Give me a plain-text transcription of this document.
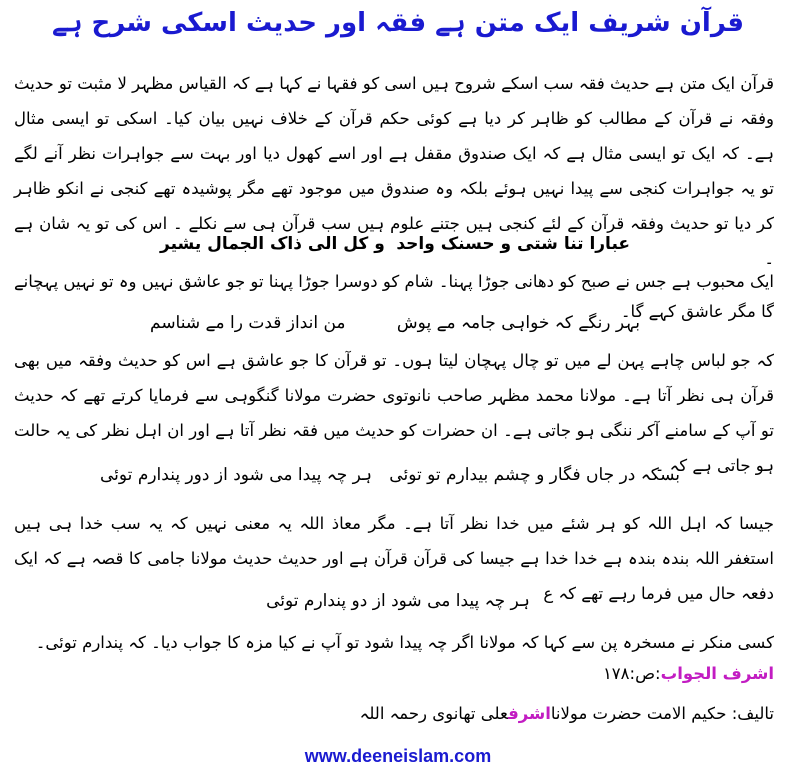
قرآن شریف ایک متن ہے فقہ اور حدیث اسکی شرح ہے
قرآن ایک متن ہے حدیث فقہ سب اسکے شروح ہیں اسی کو فقہا نے کہا ہے کہ القیاس مظہر لا مثبت تو حدیث وفقہ نے قرآن کے مطالب کو ظاہر کر دیا ہے کوئی حکم قرآن کے خلاف نہیں بیان کیا۔ اسکی تو ایسی مثال ہے۔ کہ ایک تو ایسی مثال ہے کہ ایک صندوق مقفل ہے اور اسے کھول دیا اور بہت سے جواہرات نظر آنے لگے تو یہ جواہرات کنجی سے پیدا نہیں ہوئے بلکہ وہ صندوق میں موجود تھے مگر پوشیدہ تھے کنجی نے انکو ظاہر کر دیا تو حدیث وفقہ قرآن کے لئے کنجی ہیں جتنے علوم ہیں سب قرآن ہی سے نکلے ۔ اس کی تو یہ شان ہے ۔
عبارا تنا شتی و حسنک واحد
و کل الی ذاک الجمال یشیر
ایک محبوب ہے جس نے صبح کو دھانی جوڑا پہنا۔ شام کو دوسرا جوڑا پہنا تو جو عاشق نہیں وہ تو نہیں پہچانے گا مگر عاشق کہے گا۔
بہر رنگے کہ خواہی جامہ مے پوش
من انداز قدت را مے شناسم
کہ جو لباس چاہے پہن لے میں تو چال پہچان لیتا ہوں۔ تو قرآن کا جو عاشق ہے اس کو حدیث وفقہ میں بھی قرآن ہی نظر آتا ہے۔ مولانا محمد مظہر صاحب نانوتوی حضرت مولانا گنگوہی سے فرمایا کرتے تھے کہ حدیث تو آپ کے سامنے آکر ننگی ہو جاتی ہے۔ ان حضرات کو حدیث میں فقہ نظر آتا ہے اور ان اہل نظر کی یہ حالت ہو جاتی ہے کہ ۔
بسکہ در جاں فگار و چشم بیدارم تو توئی
ہر چہ پیدا می شود از دور پندارم توئی
جیسا کہ اہل اللہ کو ہر شئے میں خدا نظر آتا ہے۔ مگر معاذ اللہ یہ معنی نہیں کہ یہ سب خدا ہی ہیں استغفر اللہ بندہ بندہ ہے خدا خدا ہے جیسا کی قرآن قرآن ہے اور حدیث حدیث مولانا جامی کا قصہ ہے کہ ایک دفعہ حال میں فرما رہے تھے کہ ع
ہر چہ پیدا می شود از دو پندارم توئی
کسی منکر نے مسخرہ پن سے کہا کہ مولانا اگر چہ پیدا شود تو آپ نے کیا مزہ کا جواب دیا۔ کہ پندارم توئی۔
اشرف الجواب:ص:۱۷۸
تالیف: حکیم الامت حضرت مولانااشرفعلی تھانوی رحمہ اللہ
www.deeneislam.com
